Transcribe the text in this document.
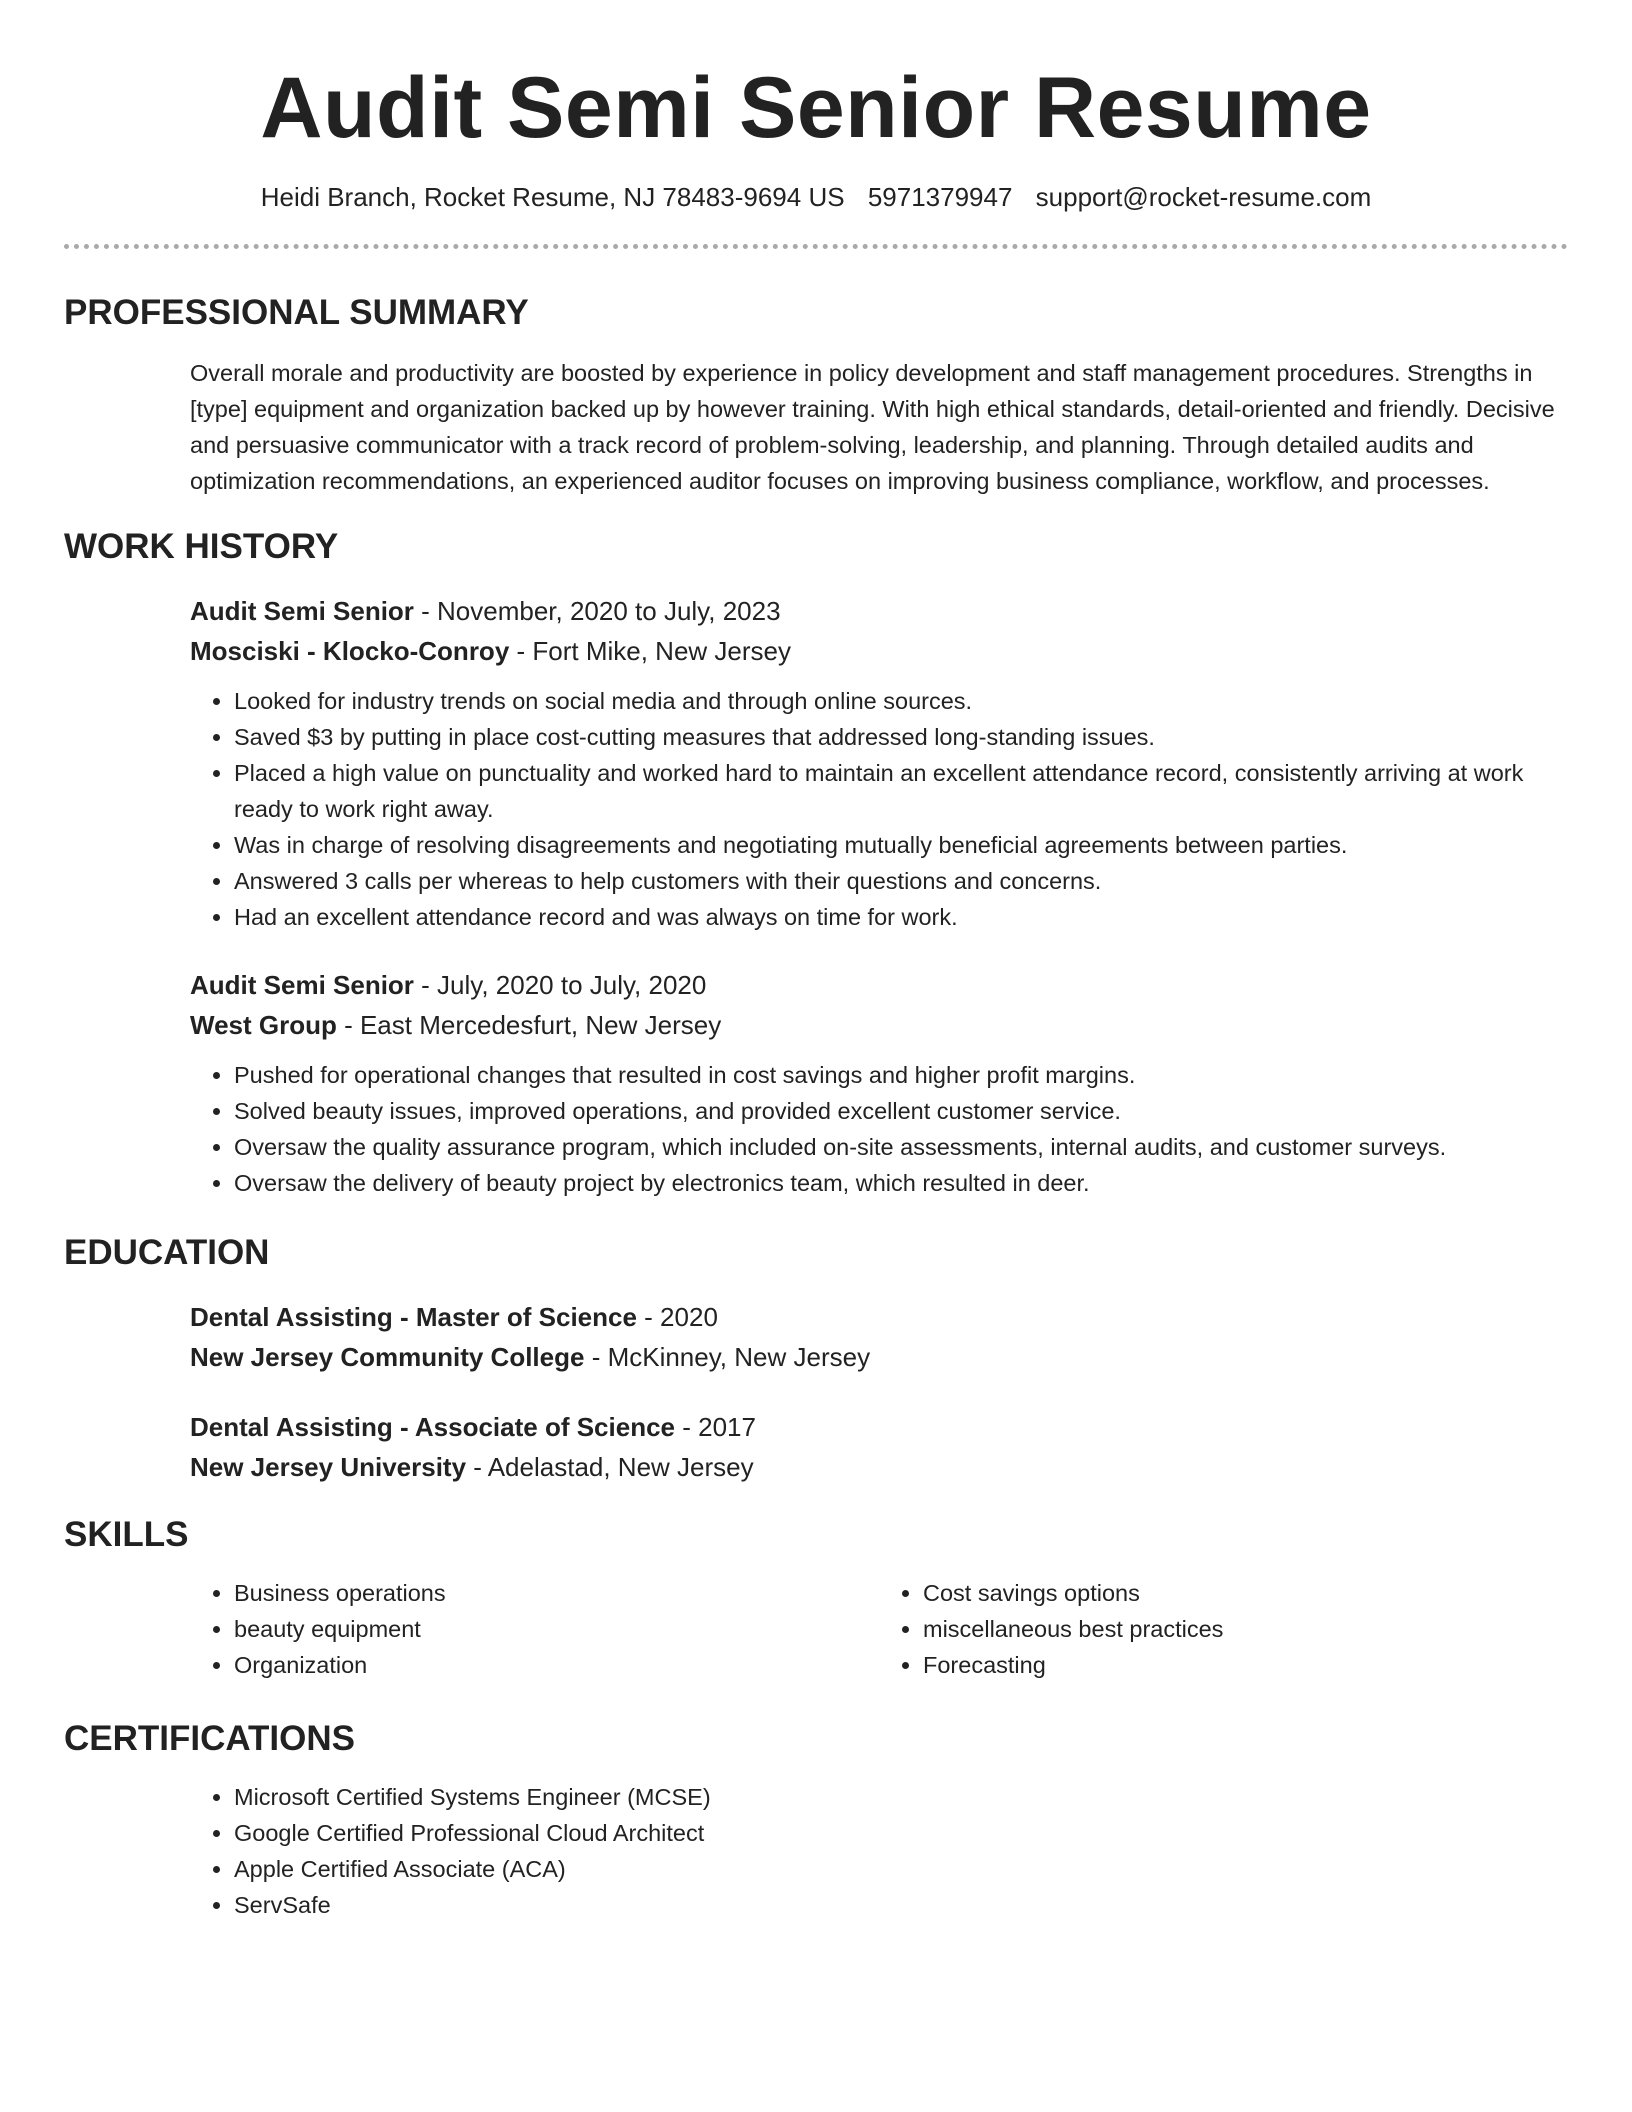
Audit Semi Senior Resume
Heidi Branch, Rocket Resume, NJ 78483-9694 US 5971379947 support@rocket-resume.com
PROFESSIONAL SUMMARY

Overall morale and productivity are boosted by experience in policy development and staff management procedures. Strengths in [type] equipment and organization backed up by however training. With high ethical standards, detail-oriented and friendly. Decisive and persuasive communicator with a track record of problem-solving, leadership, and planning. Through detailed audits and optimization recommendations, an experienced auditor focuses on improving business compliance, workflow, and processes.

WORK HISTORY
Audit Semi Senior - November, 2020 to July, 2023
Mosciski - Klocko-Conroy - Fort Mike, New Jersey
• Looked for industry trends on social media and through online sources.
• Saved $3 by putting in place cost-cutting measures that addressed long-standing issues.
• Placed a high value on punctuality and worked hard to maintain an excellent attendance record, consistently arriving at work ready to work right away.
• Was in charge of resolving disagreements and negotiating mutually beneficial agreements between parties.
• Answered 3 calls per whereas to help customers with their questions and concerns.
• Had an excellent attendance record and was always on time for work.
Audit Semi Senior - July, 2020 to July, 2020
West Group - East Mercedesfurt, New Jersey
• Pushed for operational changes that resulted in cost savings and higher profit margins.
• Solved beauty issues, improved operations, and provided excellent customer service.
• Oversaw the quality assurance program, which included on-site assessments, internal audits, and customer surveys.
• Oversaw the delivery of beauty project by electronics team, which resulted in deer.
EDUCATION
Dental Assisting - Master of Science - 2020
New Jersey Community College - McKinney, New Jersey
Dental Assisting - Associate of Science - 2017
New Jersey University - Adelastad, New Jersey
SKILLS
• Business operations
• beauty equipment
• Organization
• Cost savings options
• miscellaneous best practices
• Forecasting
CERTIFICATIONS
• Microsoft Certified Systems Engineer (MCSE)
• Google Certified Professional Cloud Architect
• Apple Certified Associate (ACA)
• ServSafe
